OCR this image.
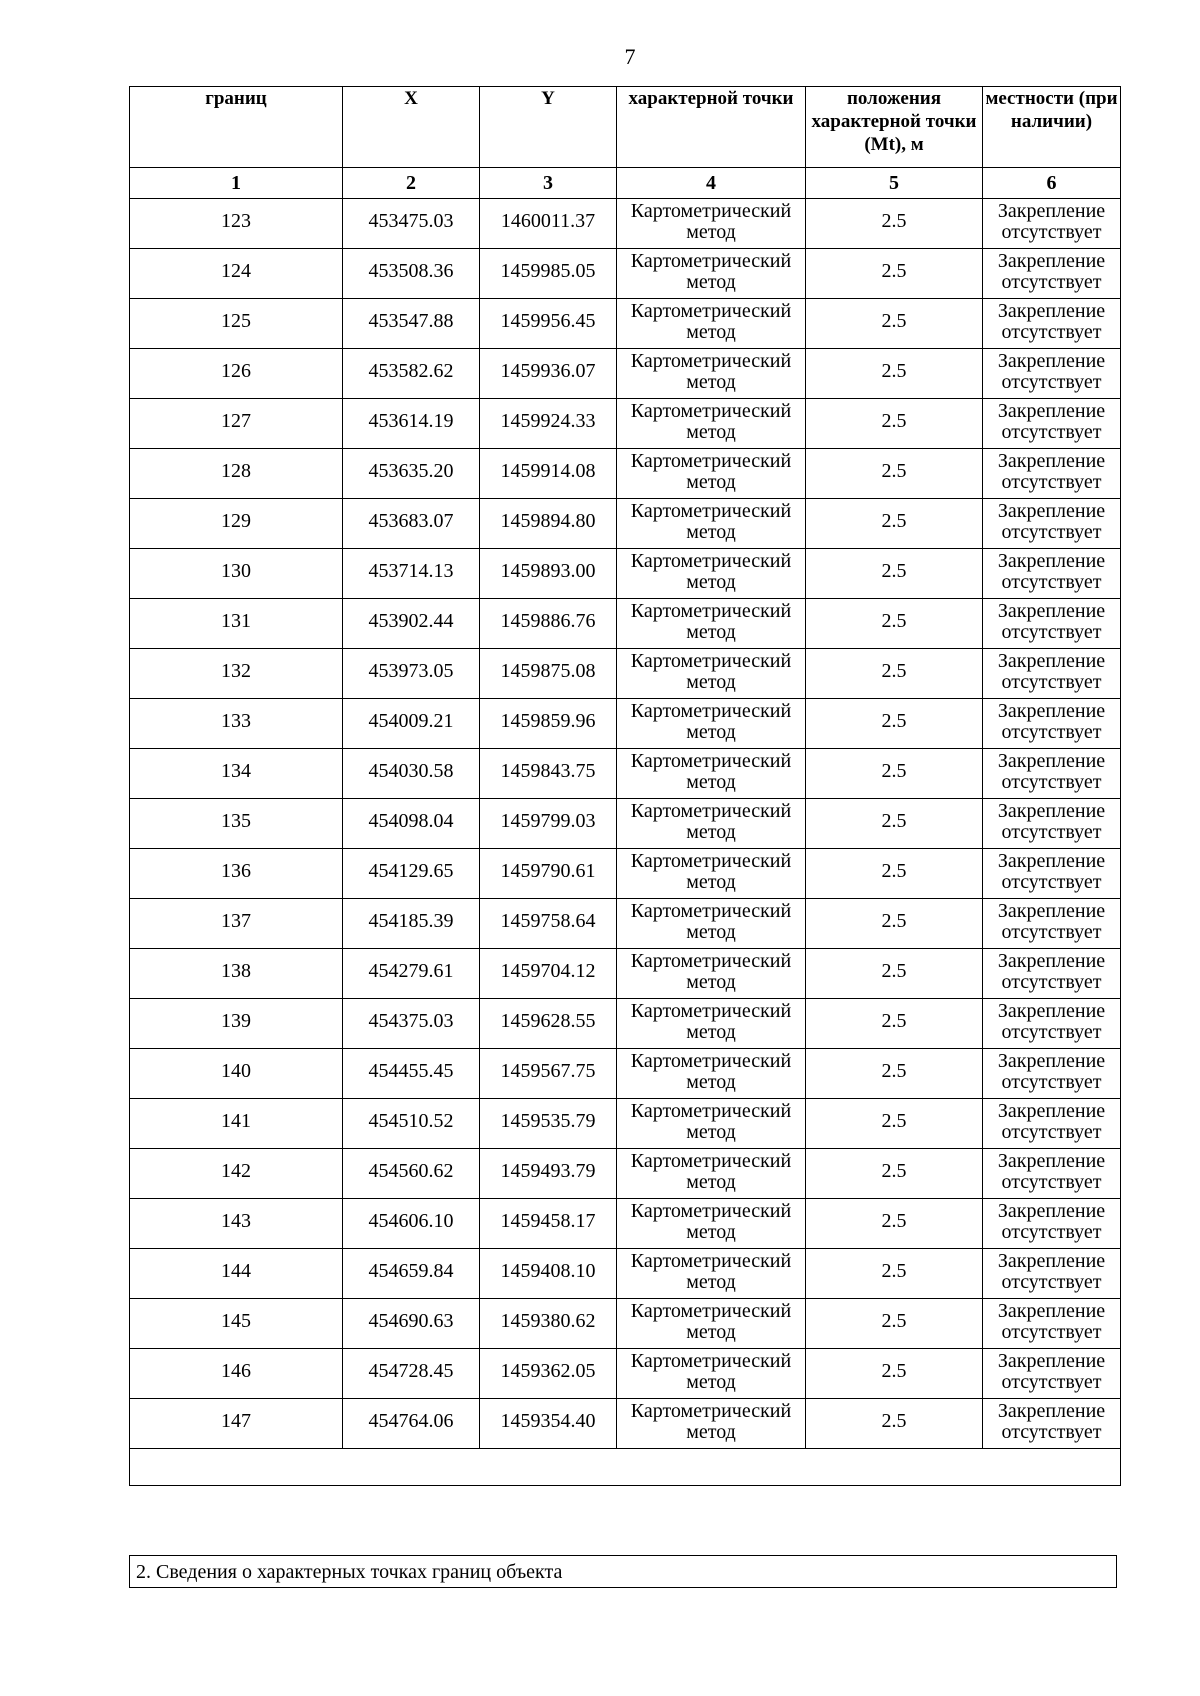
7
границ	X	Y	характерной точки	положения характерной точки (Mt), м	местности (при наличии)
1	2	3	4	5	6
123	453475.03	1460011.37	Картометрический метод	2.5	Закрепление отсутствует
124	453508.36	1459985.05	Картометрический метод	2.5	Закрепление отсутствует
125	453547.88	1459956.45	Картометрический метод	2.5	Закрепление отсутствует
126	453582.62	1459936.07	Картометрический метод	2.5	Закрепление отсутствует
127	453614.19	1459924.33	Картометрический метод	2.5	Закрепление отсутствует
128	453635.20	1459914.08	Картометрический метод	2.5	Закрепление отсутствует
129	453683.07	1459894.80	Картометрический метод	2.5	Закрепление отсутствует
130	453714.13	1459893.00	Картометрический метод	2.5	Закрепление отсутствует
131	453902.44	1459886.76	Картометрический метод	2.5	Закрепление отсутствует
132	453973.05	1459875.08	Картометрический метод	2.5	Закрепление отсутствует
133	454009.21	1459859.96	Картометрический метод	2.5	Закрепление отсутствует
134	454030.58	1459843.75	Картометрический метод	2.5	Закрепление отсутствует
135	454098.04	1459799.03	Картометрический метод	2.5	Закрепление отсутствует
136	454129.65	1459790.61	Картометрический метод	2.5	Закрепление отсутствует
137	454185.39	1459758.64	Картометрический метод	2.5	Закрепление отсутствует
138	454279.61	1459704.12	Картометрический метод	2.5	Закрепление отсутствует
139	454375.03	1459628.55	Картометрический метод	2.5	Закрепление отсутствует
140	454455.45	1459567.75	Картометрический метод	2.5	Закрепление отсутствует
141	454510.52	1459535.79	Картометрический метод	2.5	Закрепление отсутствует
142	454560.62	1459493.79	Картометрический метод	2.5	Закрепление отсутствует
143	454606.10	1459458.17	Картометрический метод	2.5	Закрепление отсутствует
144	454659.84	1459408.10	Картометрический метод	2.5	Закрепление отсутствует
145	454690.63	1459380.62	Картометрический метод	2.5	Закрепление отсутствует
146	454728.45	1459362.05	Картометрический метод	2.5	Закрепление отсутствует
147	454764.06	1459354.40	Картометрический метод	2.5	Закрепление отсутствует

2. Сведения о характерных точках границ объекта
